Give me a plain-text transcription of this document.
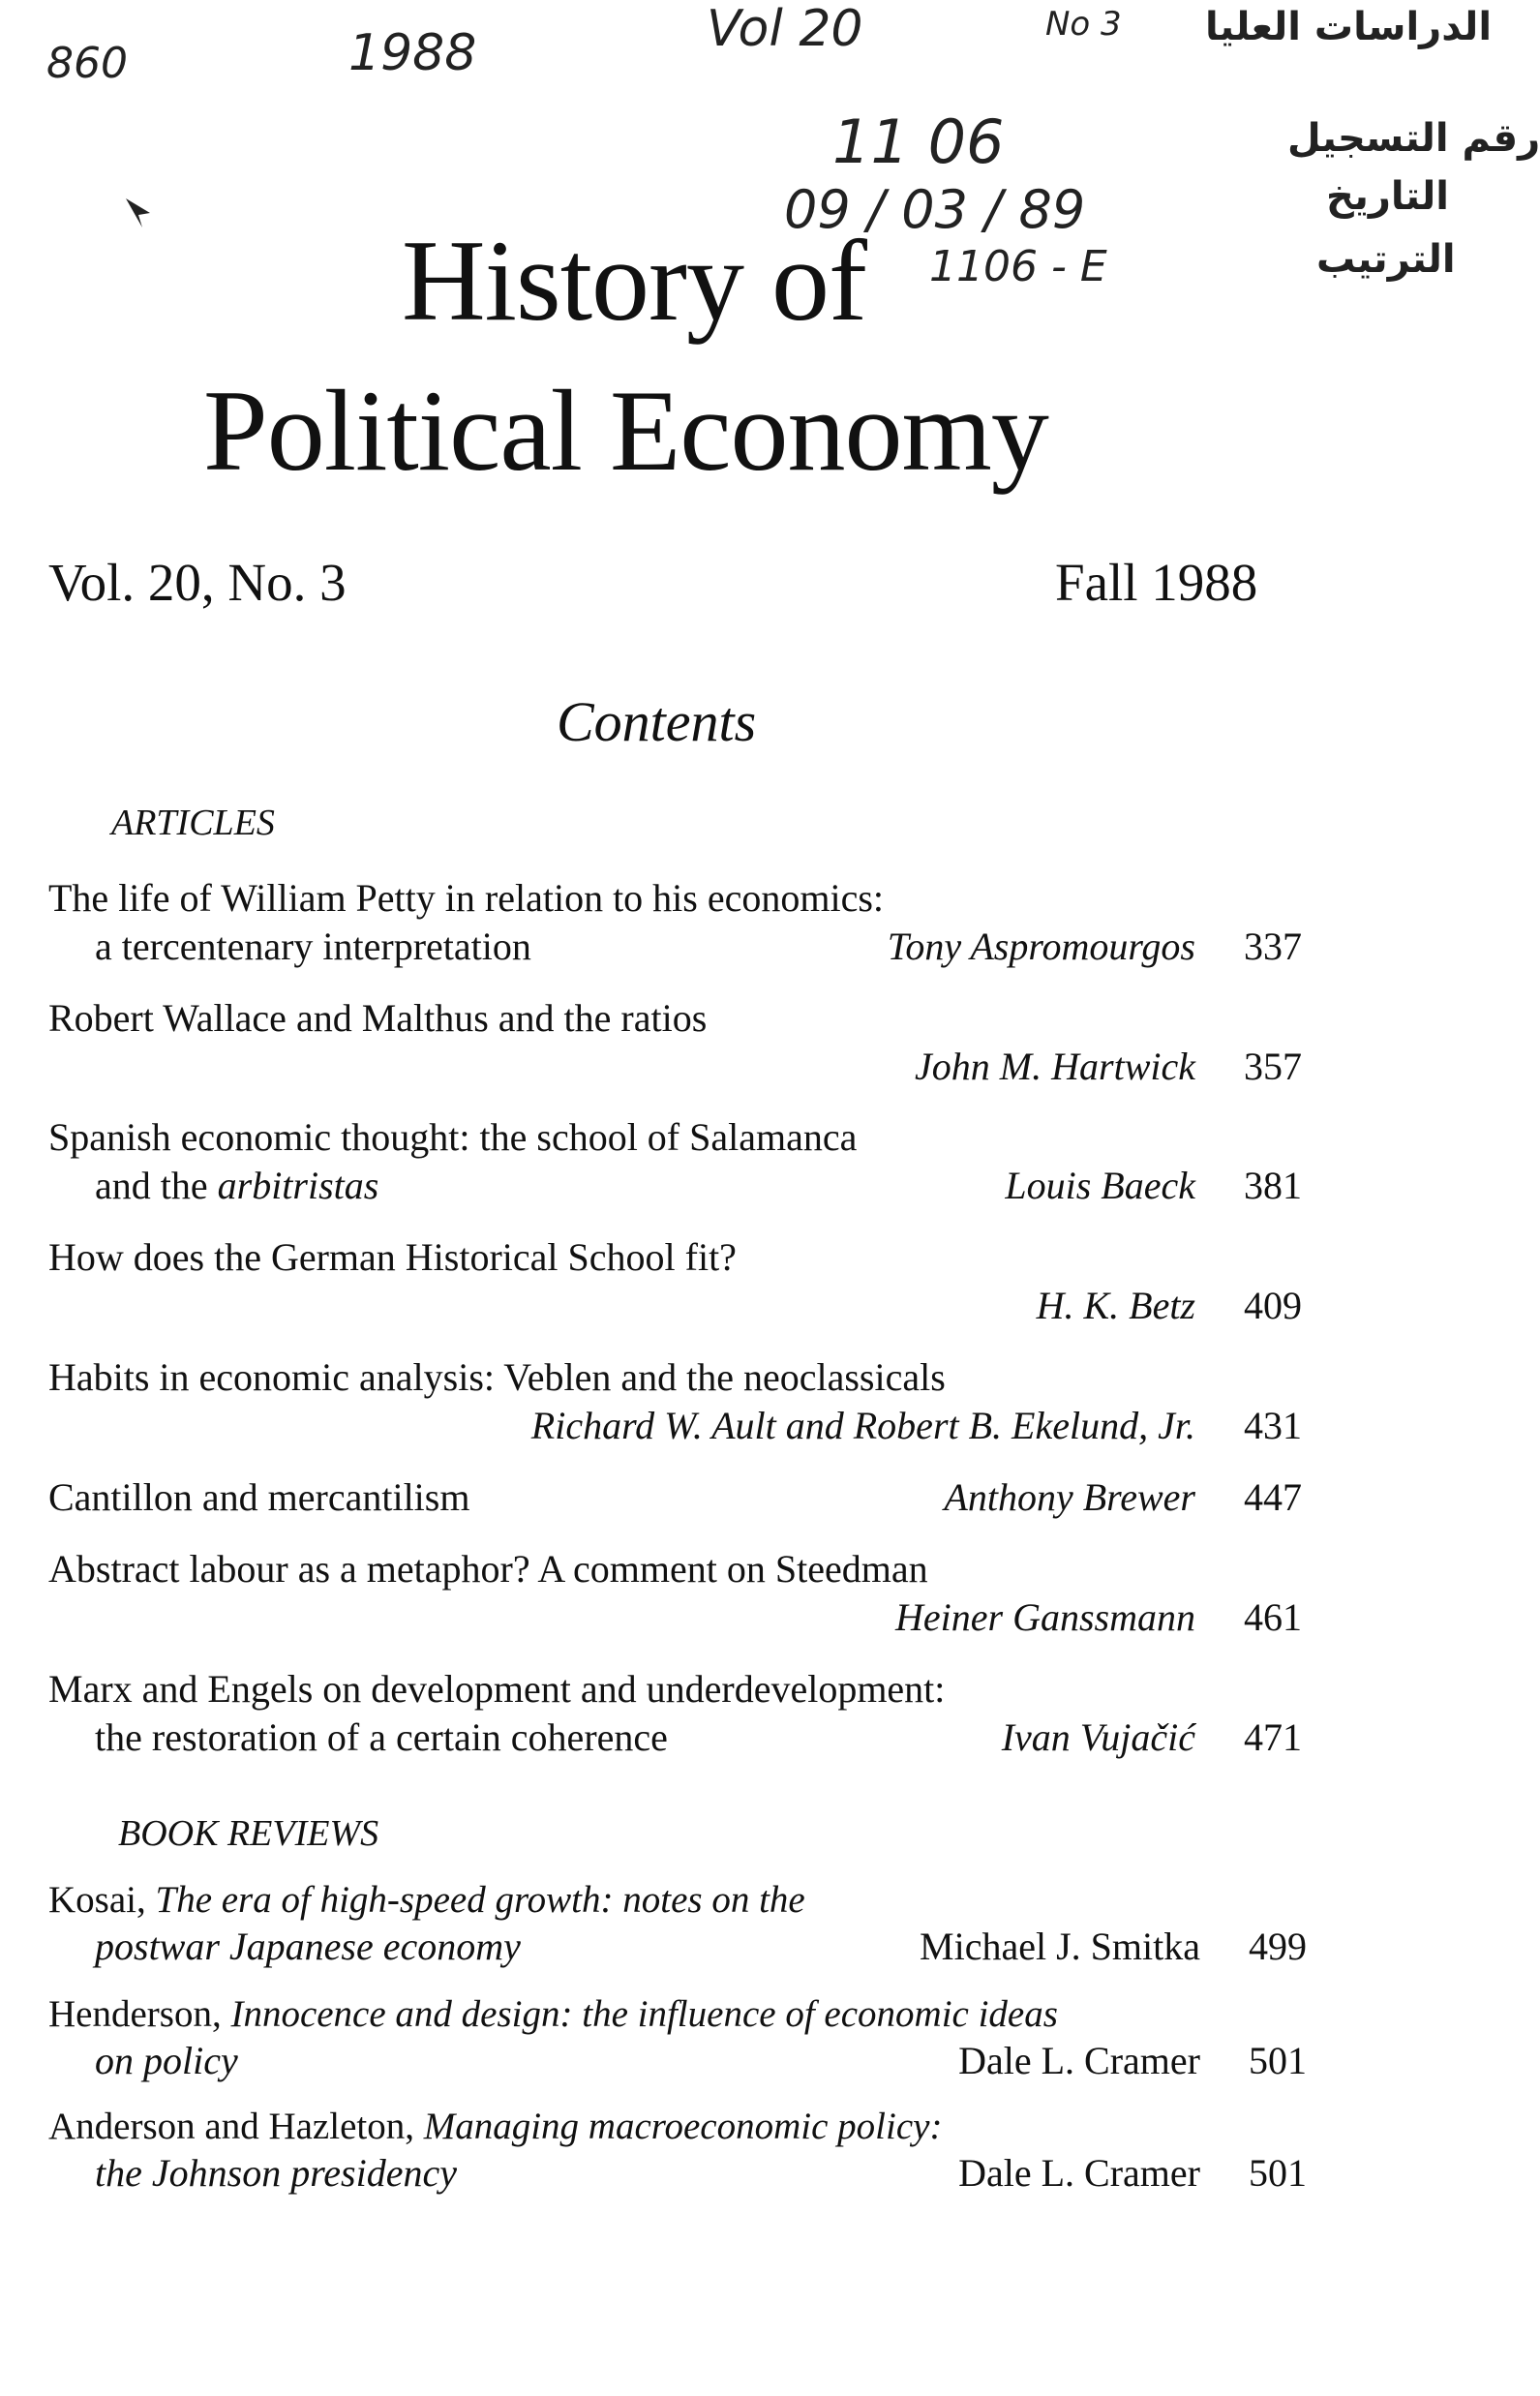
860	1988	Vol 20	No 3 الدراسات العليا
رقم التسجيل
التاريخ
الترتيب
11 06
09 / 03 / 89
1106 - E
History of
Political Economy
Vol. 20, No. 3	Fall 1988
Contents
ARTICLES
The life of William Petty in relation to his economics:
a tercentenary interpretation	Tony Aspromourgos	337
Robert Wallace and Malthus and the ratios
John M. Hartwick	357
Spanish economic thought: the school of Salamanca
and the arbitristas	Louis Baeck	381
How does the German Historical School fit?
H. K. Betz	409
Habits in economic analysis: Veblen and the neoclassicals
Richard W. Ault and Robert B. Ekelund, Jr.	431
Cantillon and mercantilism	Anthony Brewer	447
Abstract labour as a metaphor? A comment on Steedman
Heiner Ganssmann	461
Marx and Engels on development and underdevelopment:
the restoration of a certain coherence	Ivan Vujačić	471
BOOK REVIEWS
Kosai, The era of high-speed growth: notes on the
postwar Japanese economy	Michael J. Smitka	499
Henderson, Innocence and design: the influence of economic ideas
on policy	Dale L. Cramer	501
Anderson and Hazleton, Managing macroeconomic policy:
the Johnson presidency	Dale L. Cramer	501
